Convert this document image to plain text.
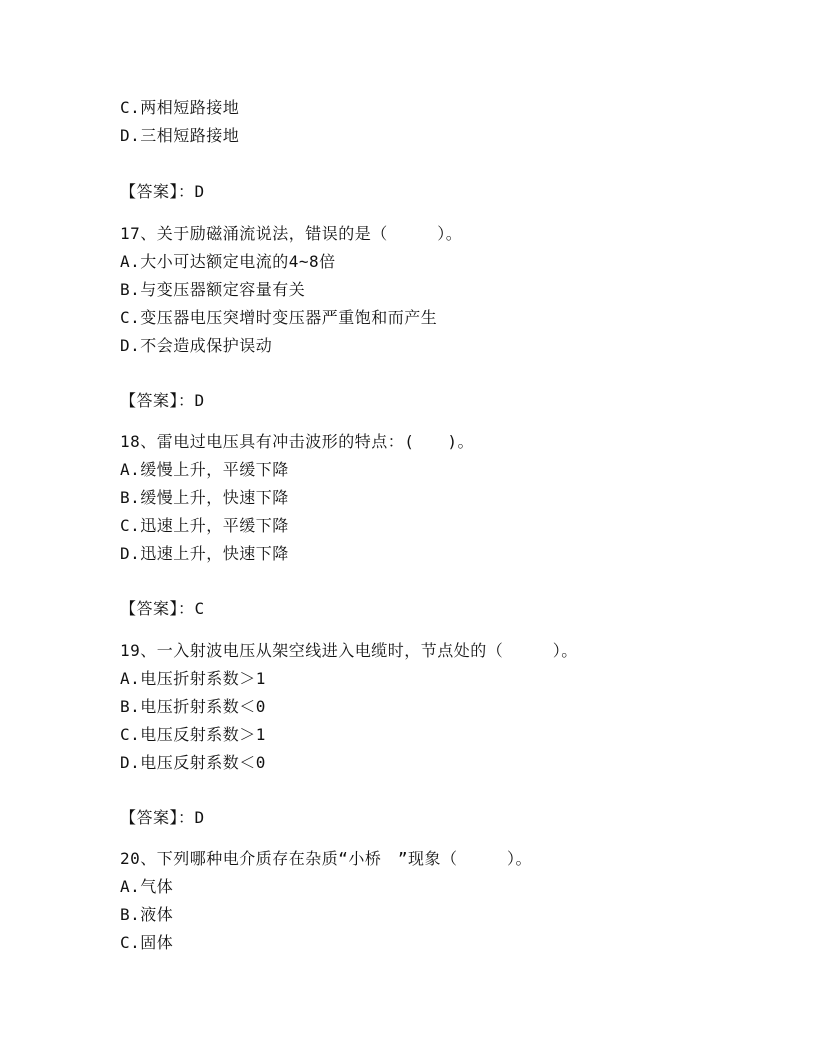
C.两相短路接地
D.三相短路接地
【答案】：D
17、关于励磁涌流说法，错误的是（　　　）。
A.大小可达额定电流的4~8倍
B.与变压器额定容量有关
C.变压器电压突增时变压器严重饱和而产生
D.不会造成保护误动
【答案】：D
18、雷电过电压具有冲击波形的特点：(　　)。
A.缓慢上升，平缓下降
B.缓慢上升，快速下降
C.迅速上升，平缓下降
D.迅速上升，快速下降
【答案】：C
19、一入射波电压从架空线进入电缆时，节点处的（　　　）。
A.电压折射系数＞1
B.电压折射系数＜0
C.电压反射系数＞1
D.电压反射系数＜0
【答案】：D
20、下列哪种电介质存在杂质“小桥　”现象（　　　）。
A.气体
B.液体
C.固体
